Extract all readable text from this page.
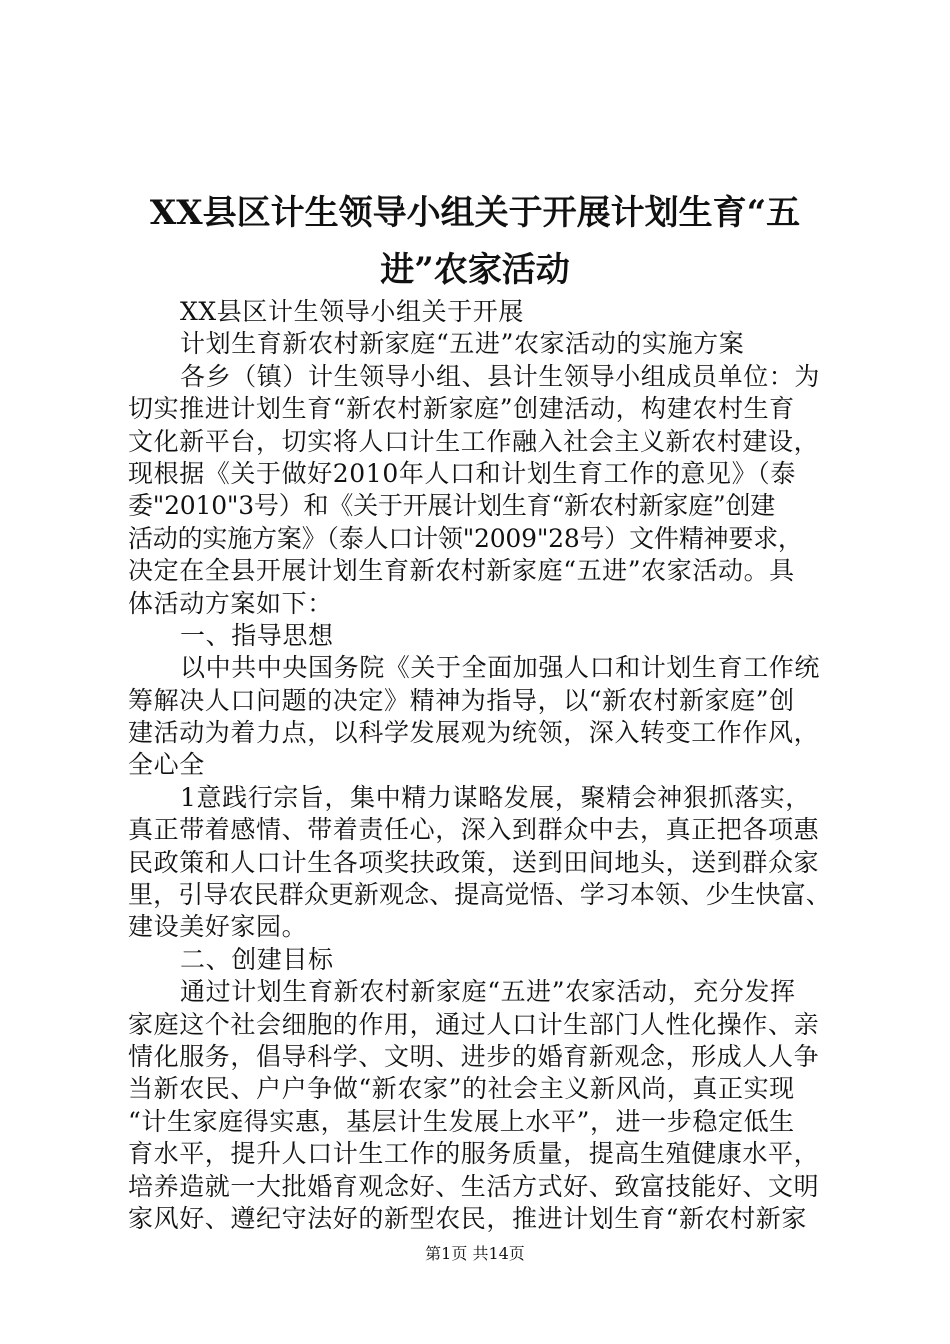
XX县区计生领导小组关于开展计划生育“五
进”农家活动
XX县区计生领导小组关于开展
计划生育新农村新家庭“五进”农家活动的实施方案
各乡（镇）计生领导小组、县计生领导小组成员单位：为
切实推进计划生育“新农村新家庭”创建活动，构建农村生育
文化新平台，切实将人口计生工作融入社会主义新农村建设，
现根据《关于做好2010年人口和计划生育工作的意见》（泰
委"2010"3号）和《关于开展计划生育“新农村新家庭”创建
活动的实施方案》（泰人口计领"2009"28号）文件精神要求，
决定在全县开展计划生育新农村新家庭“五进”农家活动。具
体活动方案如下：
一、指导思想
以中共中央国务院《关于全面加强人口和计划生育工作统
筹解决人口问题的决定》精神为指导，以“新农村新家庭”创
建活动为着力点，以科学发展观为统领，深入转变工作作风，
全心全
1意践行宗旨，集中精力谋略发展，聚精会神狠抓落实，
真正带着感情、带着责任心，深入到群众中去，真正把各项惠
民政策和人口计生各项奖扶政策，送到田间地头，送到群众家
里，引导农民群众更新观念、提高觉悟、学习本领、少生快富、
建设美好家园。
二、创建目标
通过计划生育新农村新家庭“五进”农家活动，充分发挥
家庭这个社会细胞的作用，通过人口计生部门人性化操作、亲
情化服务，倡导科学、文明、进步的婚育新观念，形成人人争
当新农民、户户争做“新农家”的社会主义新风尚，真正实现
“计生家庭得实惠，基层计生发展上水平”，进一步稳定低生
育水平，提升人口计生工作的服务质量，提高生殖健康水平，
培养造就一大批婚育观念好、生活方式好、致富技能好、文明
家风好、遵纪守法好的新型农民，推进计划生育“新农村新家
第1页 共14页
